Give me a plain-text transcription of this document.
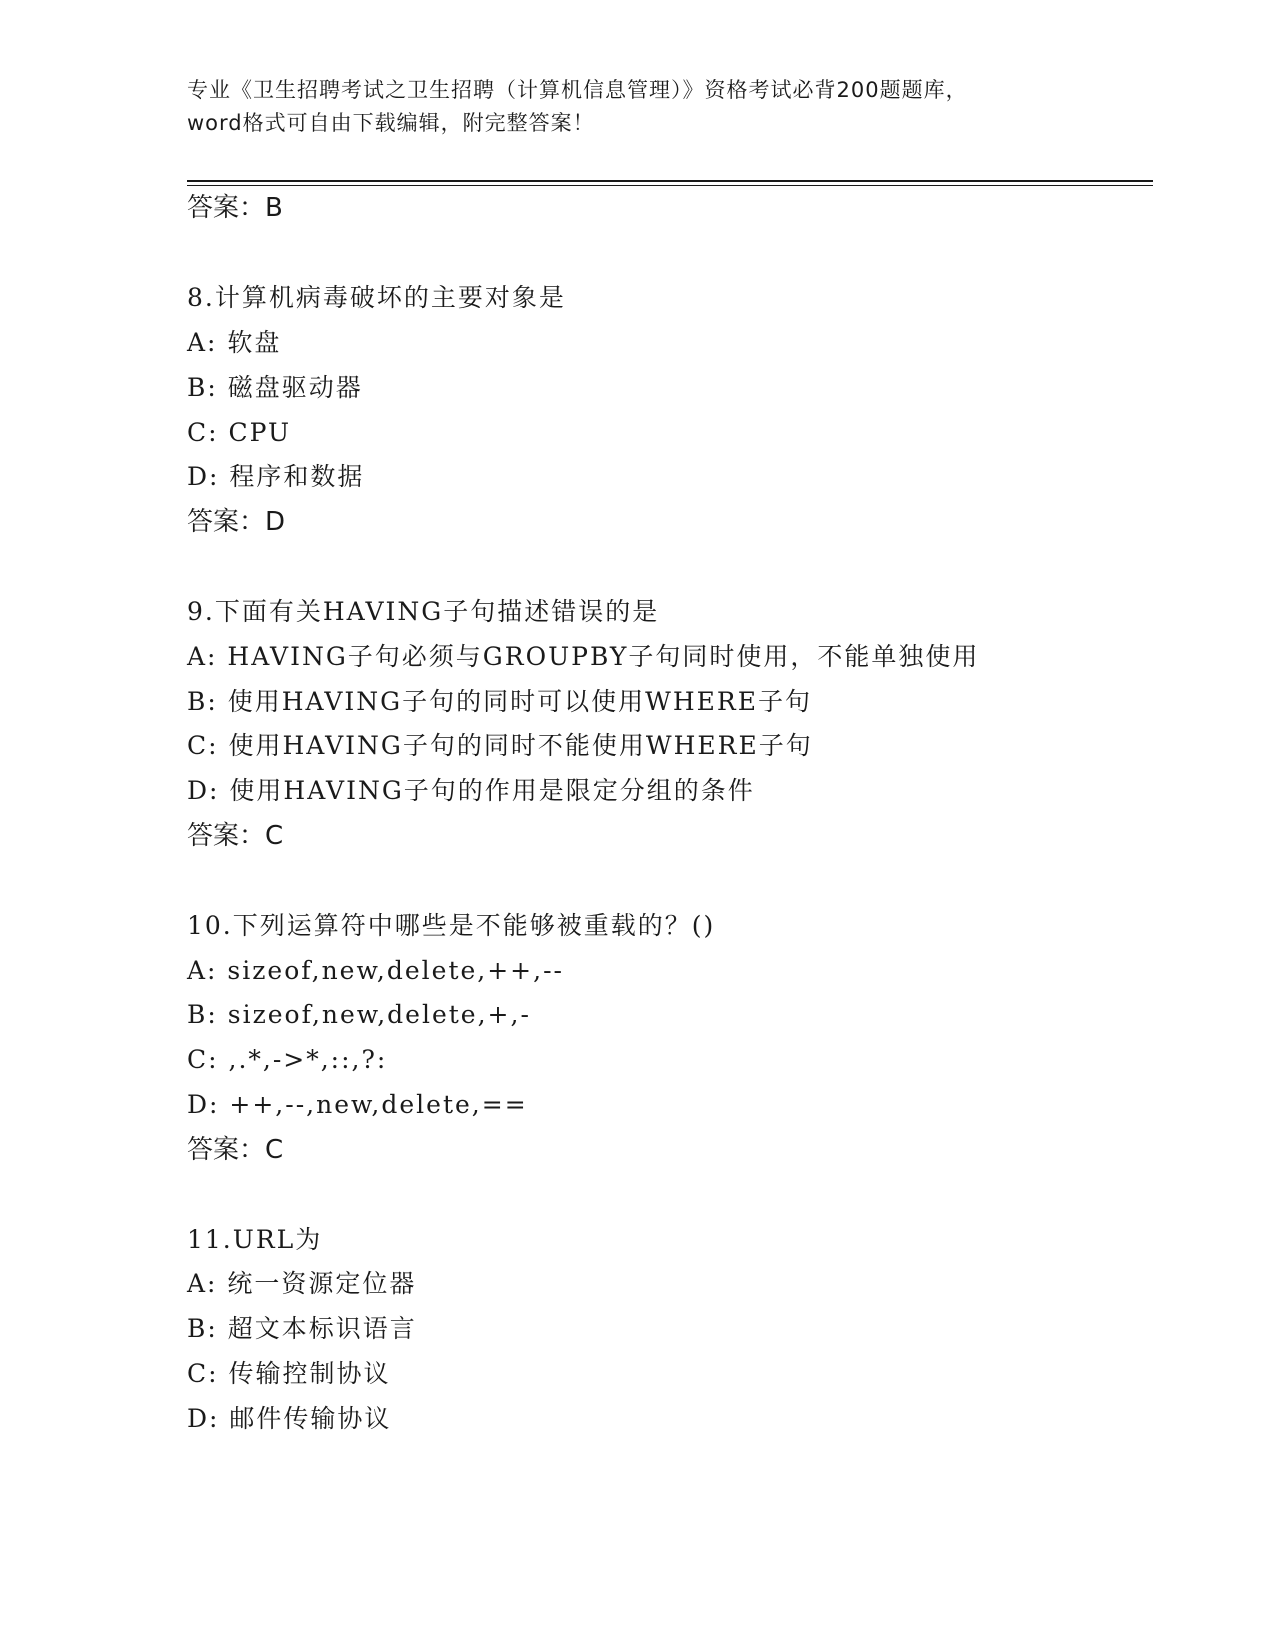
专业《卫生招聘考试之卫生招聘（计算机信息管理）》资格考试必背200题题库，
word格式可自由下载编辑，附完整答案！
答案：B
8.计算机病毒破坏的主要对象是
A: 软盘
B: 磁盘驱动器
C: CPU
D: 程序和数据
答案：D
9.下面有关HAVING子句描述错误的是
A: HAVING子句必须与GROUPBY子句同时使用，不能单独使用
B: 使用HAVING子句的同时可以使用WHERE子句
C: 使用HAVING子句的同时不能使用WHERE子句
D: 使用HAVING子句的作用是限定分组的条件
答案：C
10.下列运算符中哪些是不能够被重载的？()
A: sizeof,new,delete,++,--
B: sizeof,new,delete,+,-
C: ,.*,->*,::,?:
D: ++,--,new,delete,==
答案：C
11.URL为
A: 统一资源定位器
B: 超文本标识语言
C: 传输控制协议
D: 邮件传输协议
